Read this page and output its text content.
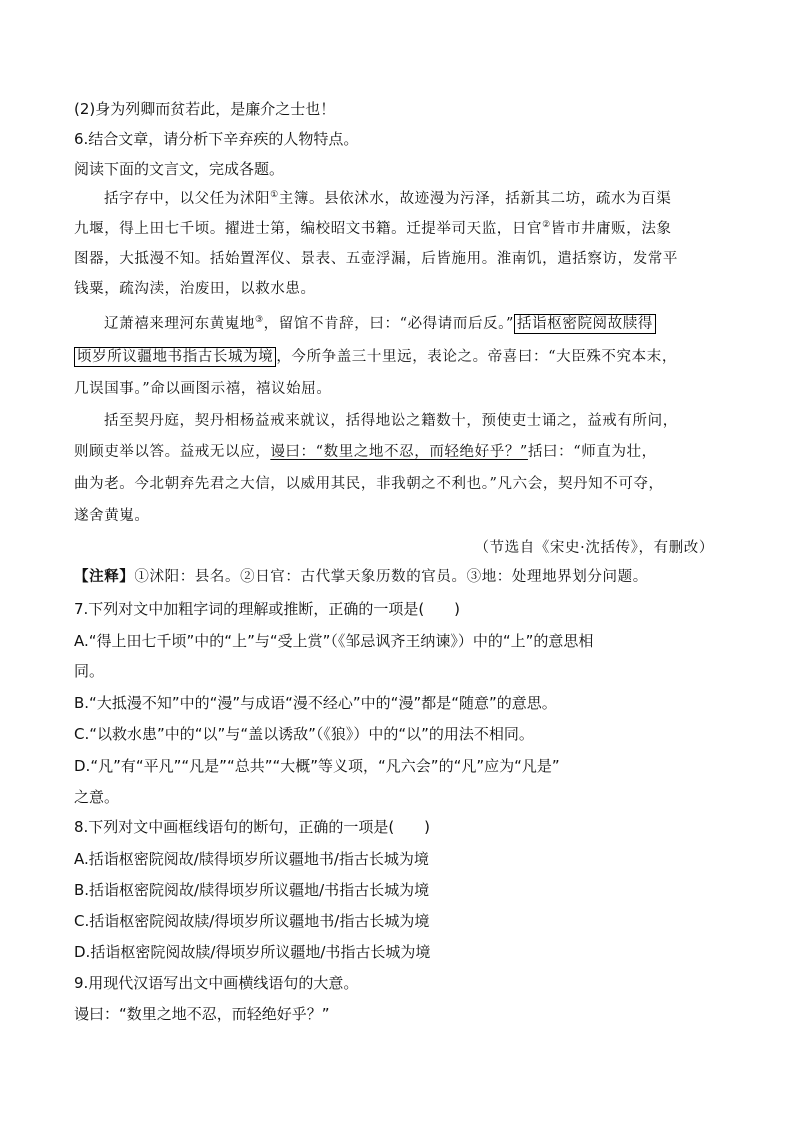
(2)身为列卿而贫若此，是廉介之士也！
6.结合文章，请分析下辛弃疾的人物特点。
阅读下面的文言文，完成各题。
括字存中，以父任为沭阳①主簿。县依沭水，故迹漫为污泽，括新其二坊，疏水为百渠
九堰，得上田七千顷。擢进士第，编校昭文书籍。迁提举司天监，日官②皆市井庸贩，法象
图器，大抵漫不知。括始置浑仪、景表、五壶浮漏，后皆施用。淮南饥，遣括察访，发常平
钱粟，疏沟渎，治废田，以救水患。
辽萧禧来理河东黄嵬地③，留馆不肯辞，曰：“必得请而后反。” 括诣枢密院阅故牍得
顷岁所议疆地书指古长城为境 ，今所争盖三十里远，表论之。帝喜曰：“大臣殊不究本末，
几误国事。”命以画图示禧，禧议始屈。
括至契丹庭，契丹相杨益戒来就议，括得地讼之籍数十，预使吏士诵之，益戒有所问，
则顾吏举以答。益戒无以应，谩曰：“数里之地不忍，而轻绝好乎？”括曰：“师直为壮，
曲为老。今北朝弃先君之大信，以威用其民，非我朝之不利也。”凡六会，契丹知不可夺，
遂舍黄嵬。
（节选自《宋史·沈括传》，有删改）
【注释】①沭阳：县名。②日官：古代掌天象历数的官员。③地：处理地界划分问题。
7.下列对文中加粗字词的理解或推断，正确的一项是(　　)
A.“得上田七千顷”中的“上”与“受上赏”（《邹忌讽齐王纳谏》）中的“上”的意思相
同。
B.“大抵漫不知”中的“漫”与成语“漫不经心”中的“漫”都是“随意”的意思。
C.“以救水患”中的“以”与“盖以诱敌”（《狼》）中的“以”的用法不相同。
D.“凡”有“平凡”“凡是”“总共”“大概”等义项，“凡六会”的“凡”应为“凡是”
之意。
8.下列对文中画框线语句的断句，正确的一项是(　　)
A.括诣枢密院阅故/牍得顷岁所议疆地书/指古长城为境
B.括诣枢密院阅故/牍得顷岁所议疆地/书指古长城为境
C.括诣枢密院阅故牍/得顷岁所议疆地书/指古长城为境
D.括诣枢密院阅故牍/得顷岁所议疆地/书指古长城为境
9.用现代汉语写出文中画横线语句的大意。
谩曰：“数里之地不忍，而轻绝好乎？”
